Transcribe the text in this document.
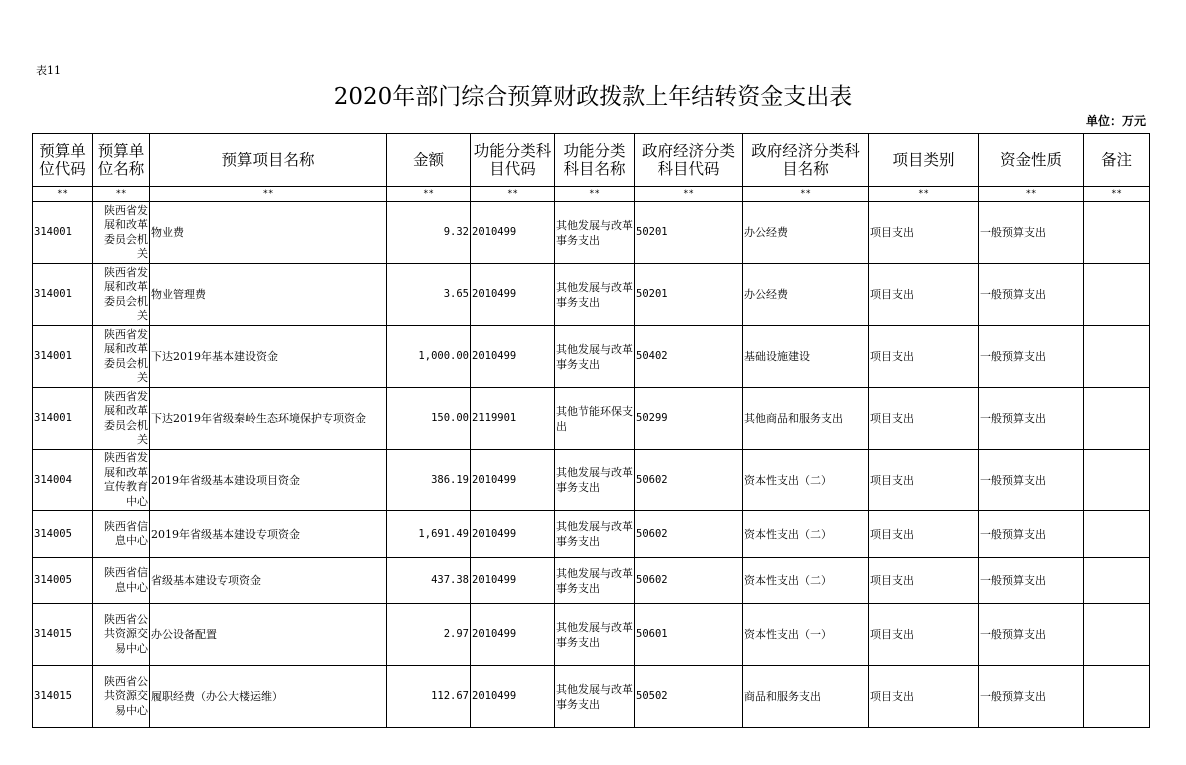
表11
2020年部门综合预算财政拨款上年结转资金支出表
单位：万元
预算单位代码	预算单位名称	预算项目名称	金额	功能分类科目代码	功能分类科目名称	政府经济分类科目代码	政府经济分类科目名称	项目类别	资金性质	备注
**	**	**	**	**	**	**	**	**	**	**
314001	陕西省发展和改革委员会机关	物业费	9.32	2010499	其他发展与改革事务支出	50201	办公经费	项目支出	一般预算支出	
314001	陕西省发展和改革委员会机关	物业管理费	3.65	2010499	其他发展与改革事务支出	50201	办公经费	项目支出	一般预算支出	
314001	陕西省发展和改革委员会机关	下达2019年基本建设资金	1,000.00	2010499	其他发展与改革事务支出	50402	基础设施建设	项目支出	一般预算支出	
314001	陕西省发展和改革委员会机关	下达2019年省级秦岭生态环境保护专项资金	150.00	2119901	其他节能环保支出	50299	其他商品和服务支出	项目支出	一般预算支出	
314004	陕西省发展和改革宣传教育中心	2019年省级基本建设项目资金	386.19	2010499	其他发展与改革事务支出	50602	资本性支出（二）	项目支出	一般预算支出	
314005	陕西省信息中心	2019年省级基本建设专项资金	1,691.49	2010499	其他发展与改革事务支出	50602	资本性支出（二）	项目支出	一般预算支出	
314005	陕西省信息中心	省级基本建设专项资金	437.38	2010499	其他发展与改革事务支出	50602	资本性支出（二）	项目支出	一般预算支出	
314015	陕西省公共资源交易中心	办公设备配置	2.97	2010499	其他发展与改革事务支出	50601	资本性支出（一）	项目支出	一般预算支出	
314015	陕西省公共资源交易中心	履职经费（办公大楼运维）	112.67	2010499	其他发展与改革事务支出	50502	商品和服务支出	项目支出	一般预算支出	
